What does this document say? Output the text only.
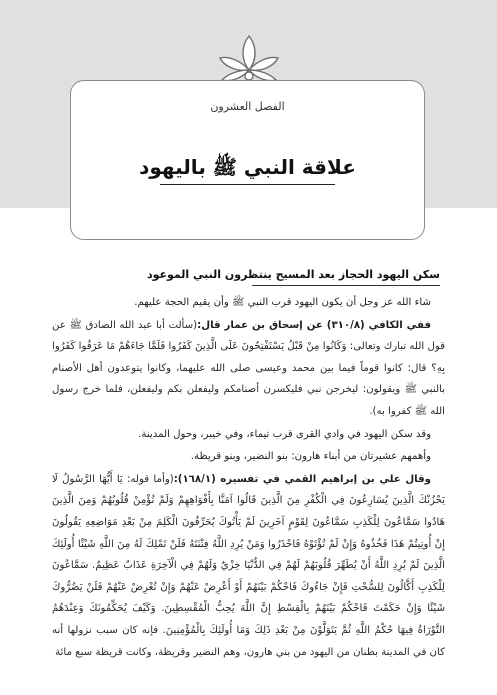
الفصل العشرون
علاقة النبي ﷺ باليهود
سكن اليهود الحجاز بعد المسيح ينتظرون النبي الموعود

شاء الله عز وجل أن يكون اليهود قرب النبي ﷺ وأن يقيم الحجة عليهم.

ففي الكافي (٣١٠/٨) عن إسحاق بن عمار قال:(سألت أبا عبد الله الصادق ﷺ عن قول الله تبارك وتعالى: وَكَانُوا مِنْ قَبْلُ يَسْتَفْتِحُونَ عَلَى الَّذِينَ كَفَرُوا فَلَمَّا جَاءَهُمْ مَا عَرَفُوا كَفَرُوا بِهِ؟ قال: كانوا قوماً فيما بين محمد وعيسى صلى الله عليهما، وكانوا يتوعدون أهل الأصنام بالنبي ﷺ ويقولون: ليخرجن نبي فليكسرن أصنامكم وليفعلن بكم وليفعلن، فلما خرج رسول الله ﷺ كفروا به).

وقد سكن اليهود في وادي القرى قرب تيماء، وفي خيبر، وحول المدينة.

وأهمهم عشيرتان من أبناء هارون: بنو النضير، وبنو قريظة.

وقال علي بن إبراهيم القمي في تفسيره (١٦٨/١):(وأما قوله: يَا أَيُّهَا الرَّسُولُ لَا يَحْزُنْكَ الَّذِينَ يُسَارِعُونَ فِي الْكُفْرِ مِنَ الَّذِينَ قَالُوا آمَنَّا بِأَفْوَاهِهِمْ وَلَمْ تُؤْمِنْ قُلُوبُهُمْ وَمِنَ الَّذِينَ هَادُوا سَمَّاعُونَ لِلْكَذِبِ سَمَّاعُونَ لِقَوْمٍ آخَرِينَ لَمْ يَأْتُوكَ يُحَرِّفُونَ الْكَلِمَ مِنْ بَعْدِ مَوَاضِعِهِ يَقُولُونَ إِنْ أُوتِيتُمْ هَذَا فَخُذُوهُ وَإِنْ لَمْ تُؤْتَوْهُ فَاحْذَرُوا وَمَنْ يُرِدِ اللَّهُ فِتْنَتَهُ فَلَنْ تَمْلِكَ لَهُ مِنَ اللَّهِ شَيْئًا أُولَئِكَ الَّذِينَ لَمْ يُرِدِ اللَّهُ أَنْ يُطَهِّرَ قُلُوبَهُمْ لَهُمْ فِي الدُّنْيَا خِزْيٌ وَلَهُمْ فِي الْآخِرَةِ عَذَابٌ عَظِيمٌ. سَمَّاعُونَ لِلْكَذِبِ أَكَّالُونَ لِلسُّحْتِ فَإِنْ جَاءُوكَ فَاحْكُمْ بَيْنَهُمْ أَوْ أَعْرِضْ عَنْهُمْ وَإِنْ تُعْرِضْ عَنْهُمْ فَلَنْ يَضُرُّوكَ شَيْئًا وَإِنْ حَكَمْتَ فَاحْكُمْ بَيْنَهُمْ بِالْقِسْطِ إِنَّ اللَّهَ يُحِبُّ الْمُقْسِطِينَ. وَكَيْفَ يُحَكِّمُونَكَ وَعِنْدَهُمُ التَّوْرَاةُ فِيهَا حُكْمُ اللَّهِ ثُمَّ يَتَوَلَّوْنَ مِنْ بَعْدِ ذَلِكَ وَمَا أُولَئِكَ بِالْمُؤْمِنِينَ. فإنه كان سبب نزولها أنه كان في المدينة بطنان من اليهود من بني هارون، وهم النضير وقريظة، وكانت قريظة سبع مائة
